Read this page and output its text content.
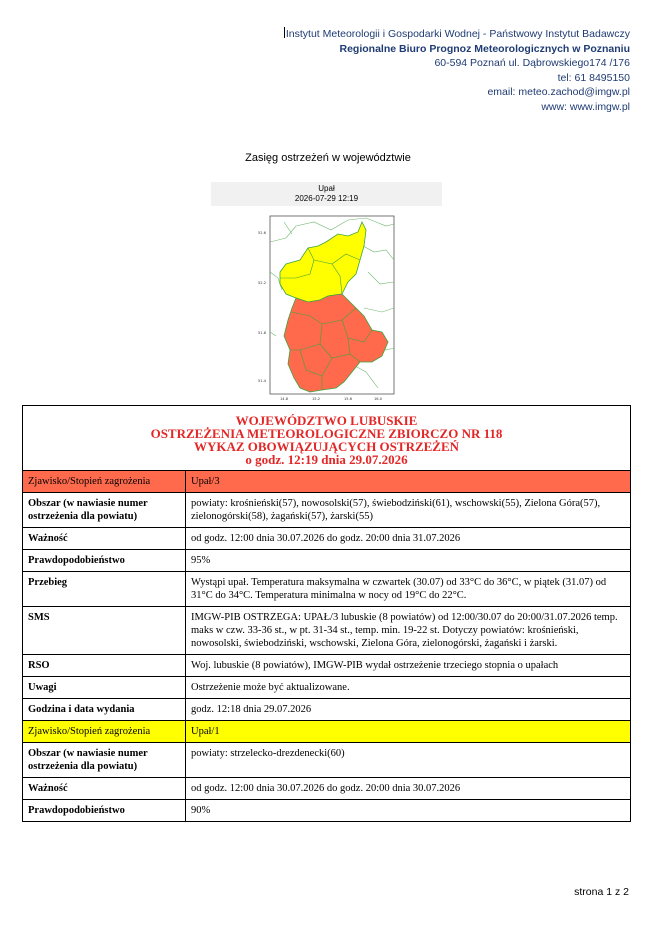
Instytut Meteorologii i Gospodarki Wodnej - Państwowy Instytut Badawczy
Regionalne Biuro Prognoz Meteorologicznych w Poznaniu
60-594 Poznań ul. Dąbrowskiego174 /176
tel: 61 8495150
email: meteo.zachod@imgw.pl
www: www.imgw.pl
Zasięg ostrzeżeń w województwie
Upał
2026-07-29 12:19
52.6
52.2
51.8
51.4
14.8	15.2	15.6	16.0
WOJEWÓDZTWO LUBUSKIE
OSTRZEŻENIA METEOROLOGICZNE ZBIORCZO NR 118
WYKAZ OBOWIĄZUJĄCYCH OSTRZEŻEŃ
o godz. 12:19 dnia 29.07.2026	

Zjawisko/Stopień zagrożenia	Upał/3
Obszar (w nawiasie numer ostrzeżenia dla powiatu)	powiaty: krośnieński(57), nowosolski(57), świebodziński(61), wschowski(55), Zielona Góra(57), zielonogórski(58), żagański(57), żarski(55)
Ważność	od godz. 12:00 dnia 30.07.2026 do godz. 20:00 dnia 31.07.2026
Prawdopodobieństwo	95%
Przebieg	Wystąpi upał. Temperatura maksymalna w czwartek (30.07) od 33°C do 36°C, w piątek (31.07) od 31°C do 34°C. Temperatura minimalna w nocy od 19°C do 22°C.
SMS	IMGW-PIB OSTRZEGA: UPAŁ/3 lubuskie (8 powiatów) od 12:00/30.07 do 20:00/31.07.2026 temp. maks w czw. 33-36 st., w pt. 31-34 st., temp. min. 19-22 st. Dotyczy powiatów: krośnieński, nowosolski, świebodziński, wschowski, Zielona Góra, zielonogórski, żagański i żarski.
RSO	Woj. lubuskie (8 powiatów), IMGW-PIB wydał ostrzeżenie trzeciego stopnia o upałach
Uwagi	Ostrzeżenie może być aktualizowane.
Godzina i data wydania	godz. 12:18 dnia 29.07.2026
Zjawisko/Stopień zagrożenia	Upał/1
Obszar (w nawiasie numer ostrzeżenia dla powiatu)	powiaty: strzelecko-drezdenecki(60)
Ważność	od godz. 12:00 dnia 30.07.2026 do godz. 20:00 dnia 30.07.2026
Prawdopodobieństwo	90%
strona 1 z 2
